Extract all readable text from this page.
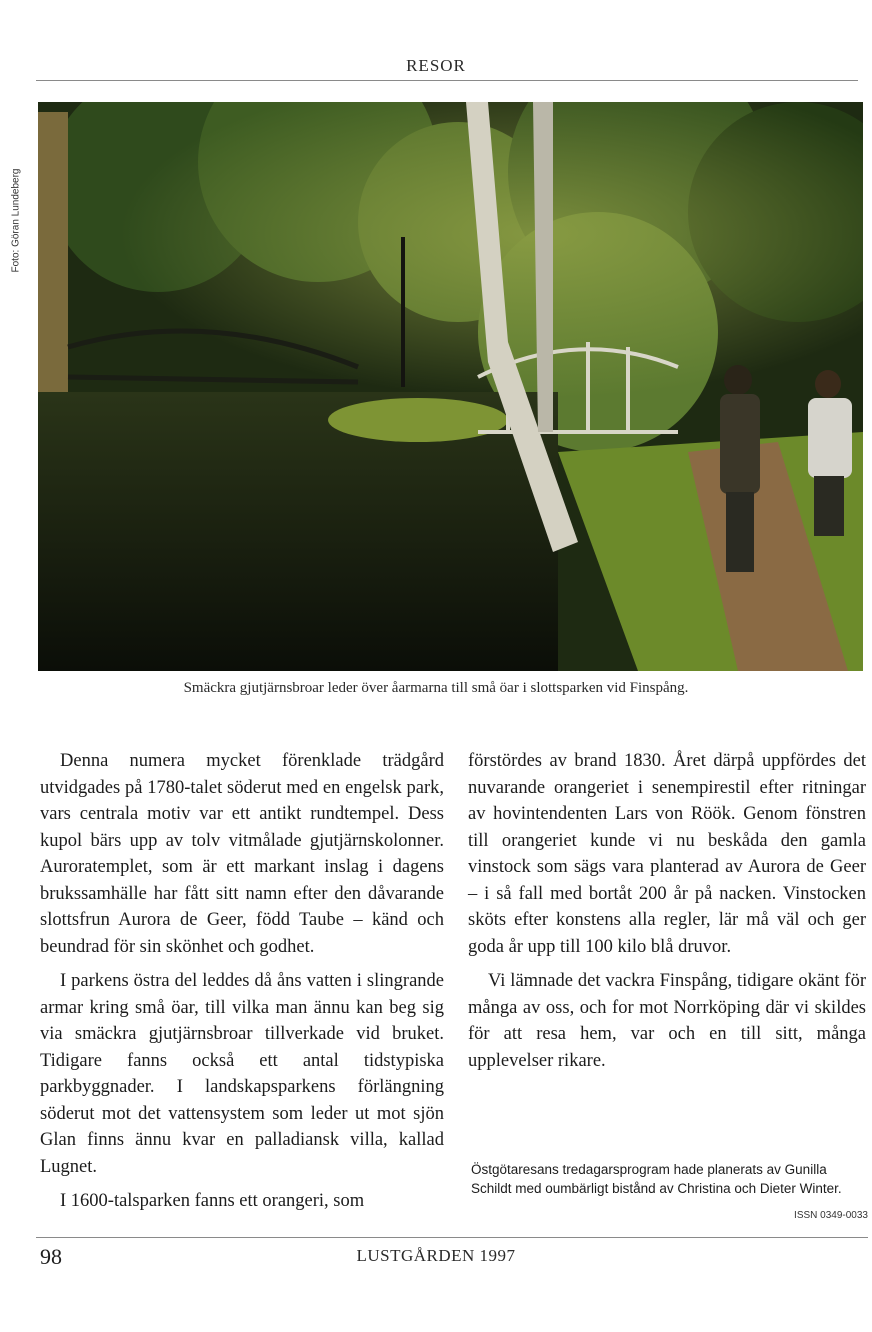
RESOR
Foto: Göran Lundeberg
Smäckra gjutjärnsbroar leder över åarmarna till små öar i slottsparken vid Finspång.

Denna numera mycket förenklade trädgård utvidgades på 1780-talet söderut med en engelsk park, vars centrala motiv var ett antikt rundtempel. Dess kupol bärs upp av tolv vitmålade gjutjärnskolonner. Auroratemplet, som är ett markant inslag i dagens brukssamhälle har fått sitt namn efter den dåvarande slottsfrun Aurora de Geer, född Taube – känd och beundrad för sin skönhet och godhet.

I parkens östra del leddes då åns vatten i slingrande armar kring små öar, till vilka man ännu kan beg sig via smäckra gjutjärnsbroar tillverkade vid bruket. Tidigare fanns också ett antal tidstypiska parkbyggnader. I landskapsparkens förlängning söderut mot det vattensystem som leder ut mot sjön Glan finns ännu kvar en palladiansk villa, kallad Lugnet.

I 1600-talsparken fanns ett orangeri, som

förstördes av brand 1830. Året därpå uppfördes det nuvarande orangeriet i senempirestil efter ritningar av hovintendenten Lars von Röök. Genom fönstren till orangeriet kunde vi nu beskåda den gamla vinstock som sägs vara planterad av Aurora de Geer – i så fall med bortåt 200 år på nacken. Vinstocken sköts efter konstens alla regler, lär må väl och ger goda år upp till 100 kilo blå druvor.

Vi lämnade det vackra Finspång, tidigare okänt för många av oss, och for mot Norrköping där vi skildes för att resa hem, var och en till sitt, många upplevelser rikare.

Östgötaresans tredagarsprogram hade planerats av Gunilla Schildt med oumbärligt bistånd av Christina och Dieter Winter.
ISSN 0349-0033
98	LUSTGÅRDEN 1997
